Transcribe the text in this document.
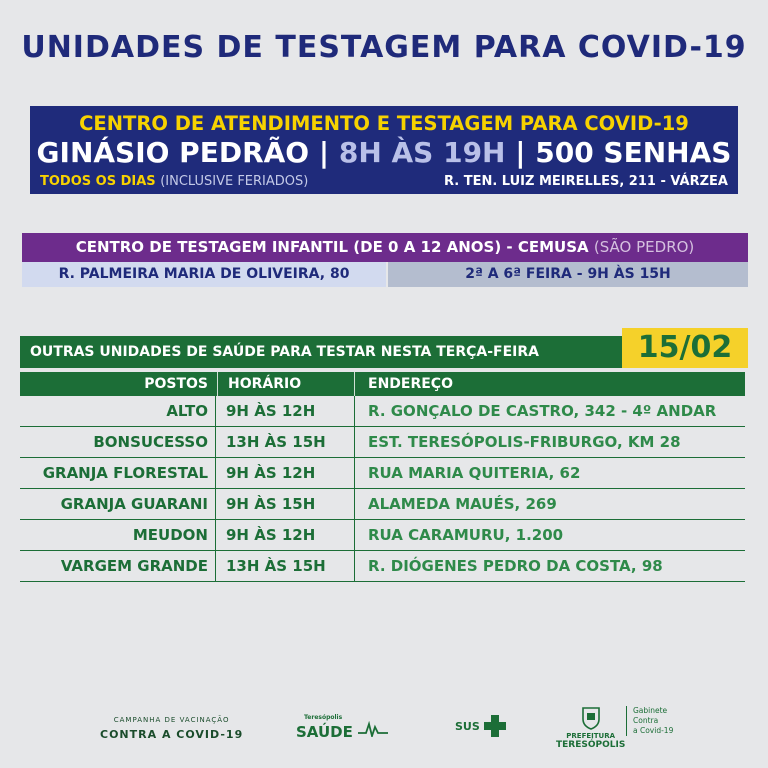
UNIDADES DE TESTAGEM PARA COVID-19
CENTRO DE ATENDIMENTO E TESTAGEM PARA COVID-19
GINÁSIO PEDRÃO | 8H ÀS 19H | 500 SENHAS
TODOS OS DIAS (INCLUSIVE FERIADOS)	R. TEN. LUIZ MEIRELLES, 211 - VÁRZEA
CENTRO DE TESTAGEM INFANTIL (DE 0 A 12 ANOS) - CEMUSA (SÃO PEDRO)
R. PALMEIRA MARIA DE OLIVEIRA, 80	2ª A 6ª FEIRA - 9H ÀS 15H
OUTRAS UNIDADES DE SAÚDE PARA TESTAR NESTA TERÇA-FEIRA	15/02
POSTOS HORÁRIO	ENDEREÇO
ALTO 9H ÀS 12H	R. GONÇALO DE CASTRO, 342 - 4º ANDAR
BONSUCESSO 13H ÀS 15H	EST. TERESÓPOLIS-FRIBURGO, KM 28
GRANJA FLORESTAL 9H ÀS 12H	RUA MARIA QUITERIA, 62
GRANJA GUARANI 9H ÀS 15H	ALAMEDA MAUÉS, 269
MEUDON 9H ÀS 12H	RUA CARAMURU, 1.200
VARGEM GRANDE 13H ÀS 15H	R. DIÓGENES PEDRO DA COSTA, 98
CAMPANHA DE VACINAÇÃO
CONTRA A COVID-19
Teresópolis
SAÚDE	SUS
PREFEITURA
TERESÓPOLIS
Gabinete
Contra
a Covid-19
